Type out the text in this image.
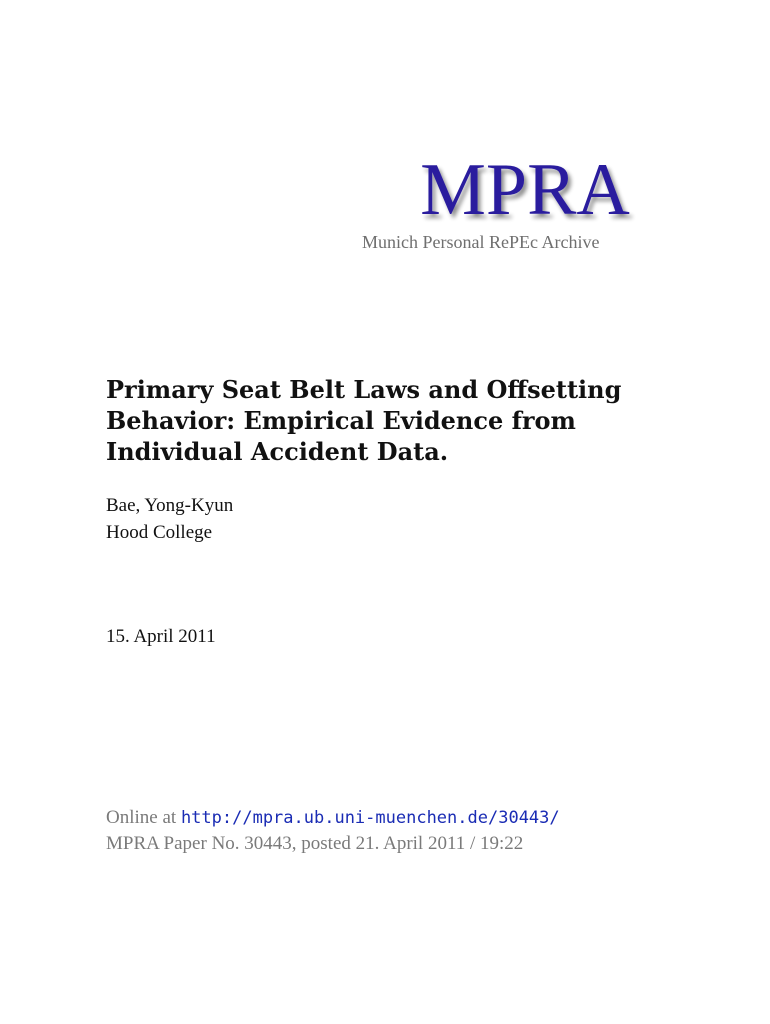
MPRA
Munich Personal RePEc Archive
Primary Seat Belt Laws and Offsetting
Behavior: Empirical Evidence from
Individual Accident Data.
Bae, Yong-Kyun
Hood College
15. April 2011
Online at http://mpra.ub.uni-muenchen.de/30443/
MPRA Paper No. 30443, posted 21. April 2011 / 19:22
